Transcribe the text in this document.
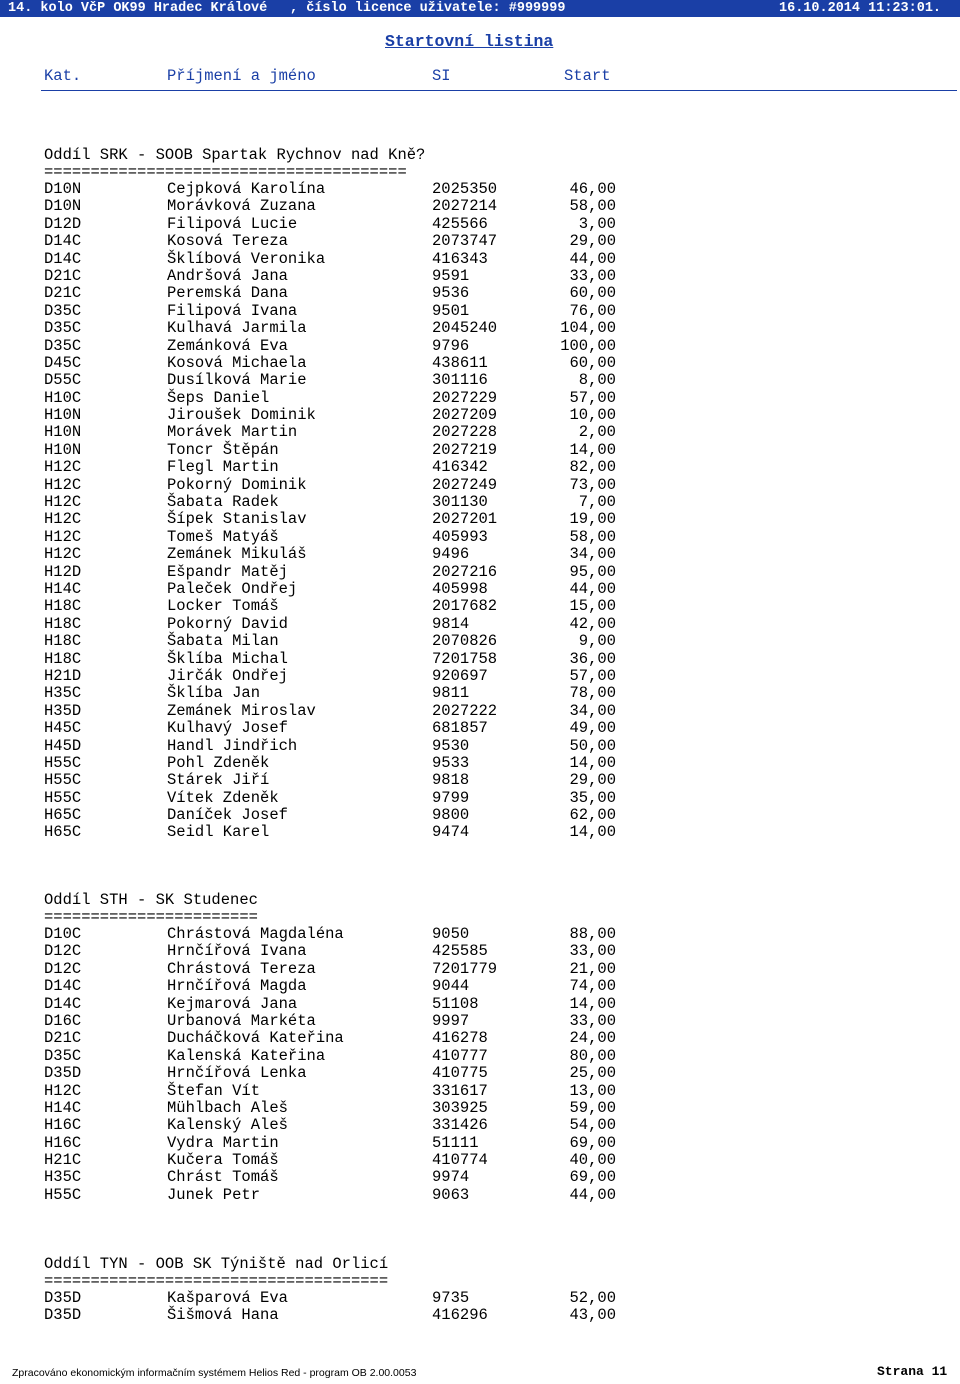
14. kolo VčP OK99 Hradec Králové , číslo licence uživatele: #999999	16.10.2014 11:23:01.
Startovní listina
Kat.	Příjmení a jméno	SI	Start
Oddíl SRK - SOOB Spartak Rychnov nad Kně?
=======================================
D10N	Cejpková Karolína	2025350	46,00
D10N	Morávková Zuzana	2027214	58,00
D12D	Filipová Lucie	425566	3,00
D14C	Kosová Tereza	2073747	29,00
D14C	Šklíbová Veronika	416343	44,00
D21C	Andršová Jana	9591	33,00
D21C	Peremská Dana	9536	60,00
D35C	Filipová Ivana	9501	76,00
D35C	Kulhavá Jarmila	2045240	104,00
D35C	Zemánková Eva	9796	100,00
D45C	Kosová Michaela	438611	60,00
D55C	Dusílková Marie	301116	8,00
H10C	Šeps Daniel	2027229	57,00
H10N	Jiroušek Dominik	2027209	10,00
H10N	Morávek Martin	2027228	2,00
H10N	Toncr Štěpán	2027219	14,00
H12C	Flegl Martin	416342	82,00
H12C	Pokorný Dominik	2027249	73,00
H12C	Šabata Radek	301130	7,00
H12C	Šípek Stanislav	2027201	19,00
H12C	Tomeš Matyáš	405993	58,00
H12C	Zemánek Mikuláš	9496	34,00
H12D	Ešpandr Matěj	2027216	95,00
H14C	Paleček Ondřej	405998	44,00
H18C	Locker Tomáš	2017682	15,00
H18C	Pokorný David	9814	42,00
H18C	Šabata Milan	2070826	9,00
H18C	Šklíba Michal	7201758	36,00
H21D	Jirčák Ondřej	920697	57,00
H35C	Šklíba Jan	9811	78,00
H35D	Zemánek Miroslav	2027222	34,00
H45C	Kulhavý Josef	681857	49,00
H45D	Handl Jindřich	9530	50,00
H55C	Pohl Zdeněk	9533	14,00
H55C	Stárek Jiří	9818	29,00
H55C	Vítek Zdeněk	9799	35,00
H65C	Daníček Josef	9800	62,00
H65C	Seidl Karel	9474	14,00
Oddíl STH - SK Studenec
=======================
D10C	Chrástová Magdaléna	9050	88,00
D12C	Hrnčířová Ivana	425585	33,00
D12C	Chrástová Tereza	7201779	21,00
D14C	Hrnčířová Magda	9044	74,00
D14C	Kejmarová Jana	51108	14,00
D16C	Urbanová Markéta	9997	33,00
D21C	Ducháčková Kateřina	416278	24,00
D35C	Kalenská Kateřina	410777	80,00
D35D	Hrnčířová Lenka	410775	25,00
H12C	Štefan Vít	331617	13,00
H14C	Mühlbach Aleš	303925	59,00
H16C	Kalenský Aleš	331426	54,00
H16C	Vydra Martin	51111	69,00
H21C	Kučera Tomáš	410774	40,00
H35C	Chrást Tomáš	9974	69,00
H55C	Junek Petr	9063	44,00
Oddíl TYN - OOB SK Týniště nad Orlicí
=====================================
D35D	Kašparová Eva	9735	52,00
D35D	Šišmová Hana	416296	43,00
Zpracováno ekonomickým informačním systémem Helios Red - program OB 2.00.0053	Strana 11
